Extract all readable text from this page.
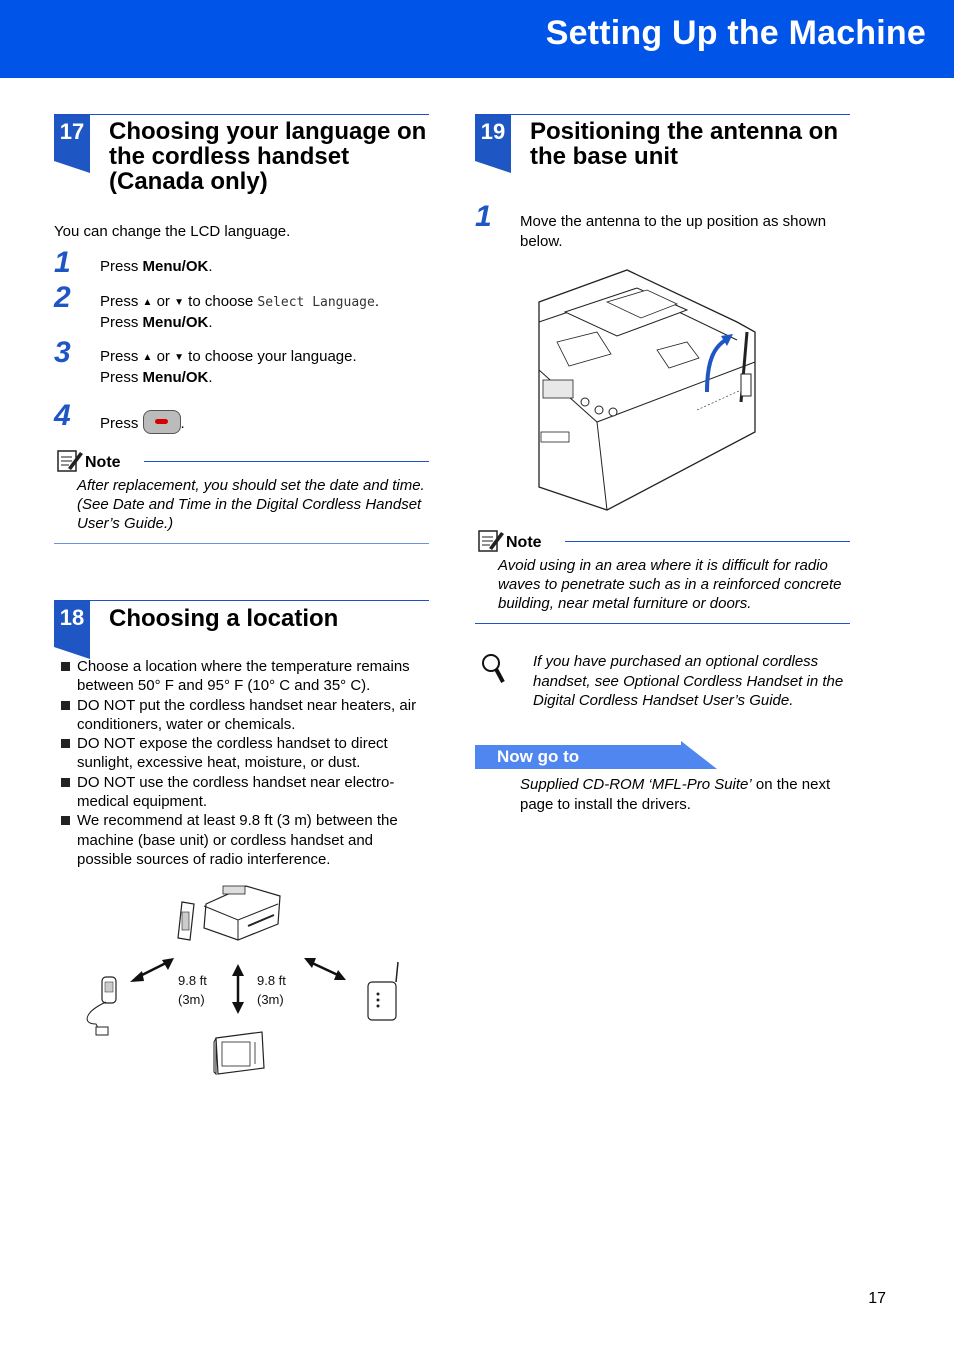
Setting Up the Machine
17 Choosing your language on the cordless handset (Canada only)
You can change the LCD language.
1 Press Menu/OK.
2 Press ▲ or ▼ to choose Select Language.
Press Menu/OK.
3 Press ▲ or ▼ to choose your language.
Press Menu/OK.
4 Press	.
Note
After replacement, you should set the date and time. (See Date and Time in the Digital Cordless Handset User’s Guide.)
18 Choosing a location
Choose a location where the temperature remains between 50° F and 95° F (10° C and 35° C).
DO NOT put the cordless handset near heaters, air conditioners, water or chemicals.
DO NOT expose the cordless handset to direct sunlight, excessive heat, moisture, or dust.
DO NOT use the cordless handset near electro-medical equipment.
We recommend at least 9.8 ft (3 m) between the machine (base unit) or cordless handset and possible sources of radio interference.
9.8 ft
(3m)
9.8 ft
(3m)
19 Positioning the antenna on the base unit
1 Move the antenna to the up position as shown below.
Note
Avoid using in an area where it is difficult for radio waves to penetrate such as in a reinforced concrete building, near metal furniture or doors.
If you have purchased an optional cordless handset, see Optional Cordless Handset in the Digital Cordless Handset User’s Guide.
Now go to
Supplied CD-ROM ‘MFL-Pro Suite’ on the next page to install the drivers.
17
